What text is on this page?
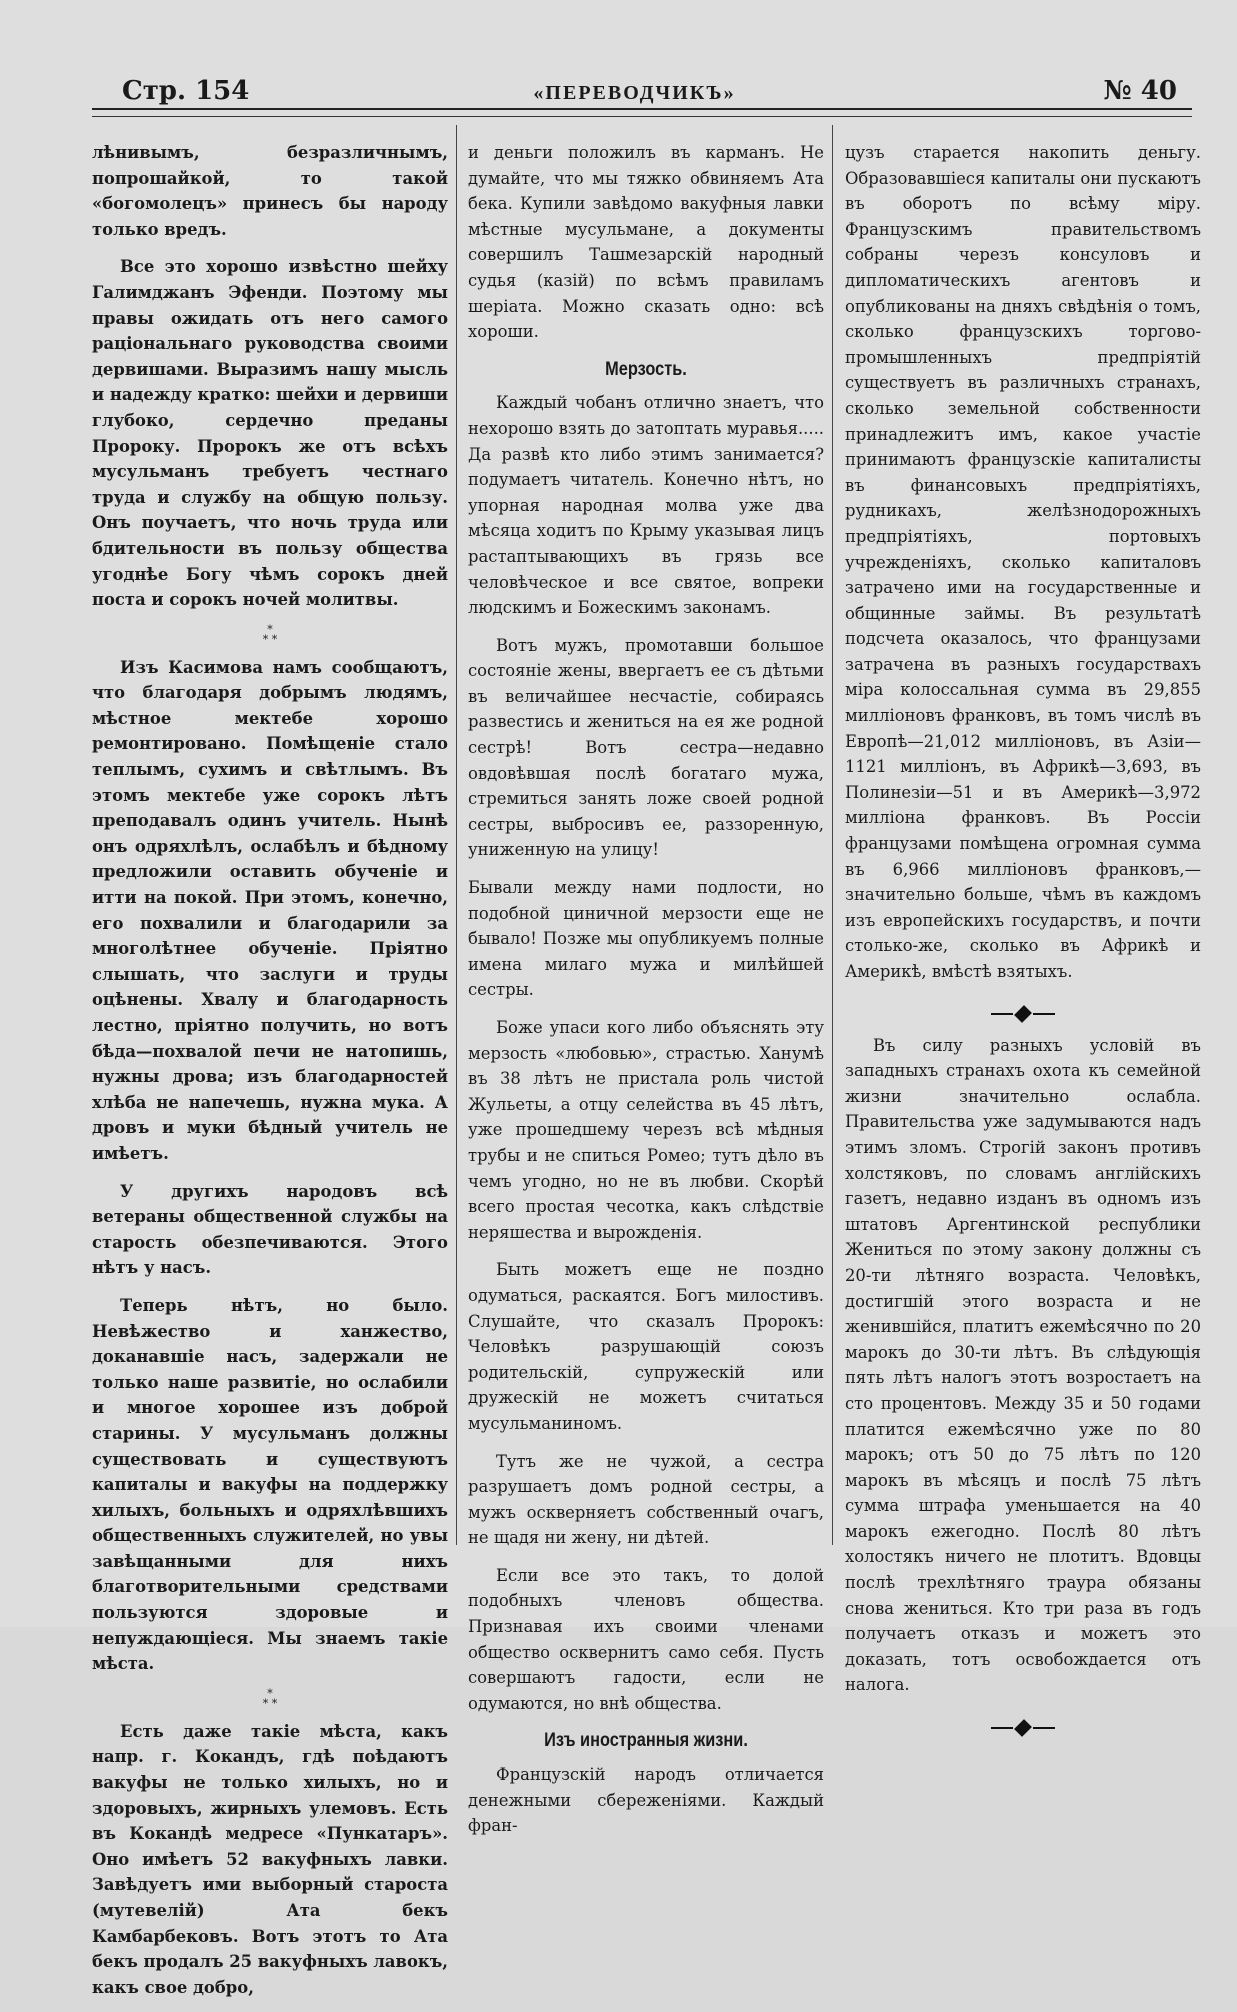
Стр. 154	«ПЕРЕВОДЧИКЪ»	№ 40

лѣнивымъ, безразличнымъ, попрошайкой, то такой «богомолецъ» принесъ бы народу только вредъ.

Все это хорошо извѣстно шейху Галимджанъ Эфенди. Поэтому мы правы ожидать отъ него самого раціональнаго руководства своими дервишами. Выразимъ нашу мысль и надежду кратко: шейхи и дервиши глубоко, сердечно преданы Пророку. Пророкъ же отъ всѣхъ мусульманъ требуетъ честнаго труда и службу на общую пользу. Онъ поучаетъ, что ночь труда или бдительности въ пользу общества угоднѣе Богу чѣмъ сорокъ дней поста и сорокъ ночей молитвы.

*
* *

Изъ Касимова намъ сообщаютъ, что благодаря добрымъ людямъ, мѣстное мектебе хорошо ремонтировано. Помѣщеніе стало теплымъ, сухимъ и свѣтлымъ. Въ этомъ мектебе уже сорокъ лѣтъ преподавалъ одинъ учитель. Нынѣ онъ одряхлѣлъ, ослабѣлъ и бѣдному предложили оставить обученіе и итти на покой. При этомъ, конечно, его похвалили и благодарили за многолѣтнее обученіе. Пріятно слышать, что заслуги и труды оцѣнены. Хвалу и благодарность лестно, пріятно получить, но вотъ бѣда—похвалой печи не натопишь, нужны дрова; изъ благодарностей хлѣба не напечешь, нужна мука. А дровъ и муки бѣдный учитель не имѣетъ.

У другихъ народовъ всѣ ветераны общественной службы на старость обезпечиваются. Этого нѣтъ у насъ.

Теперь нѣтъ, но было. Невѣжество и ханжество, доканавшіе насъ, задержали не только наше развитіе, но ослабили и многое хорошее изъ доброй старины. У мусульманъ должны существовать и существуютъ капиталы и вакуфы на поддержку хилыхъ, больныхъ и одряхлѣвшихъ общественныхъ служителей, но увы завѣщанными для нихъ благотворительными средствами пользуются здоровые и непуждающіеся. Мы знаемъ такіе мѣста.

*
* *

Есть даже такіе мѣста, какъ напр. г. Кокандъ, гдѣ поѣдаютъ вакуфы не только хилыхъ, но и здоровыхъ, жирныхъ улемовъ. Есть въ Кокандѣ медресе «Пункатаръ». Оно имѣетъ 52 вакуфныхъ лавки. Завѣдуетъ ими выборный староста (мутевелій) Ата бекъ Камбарбековъ. Вотъ этотъ то Ата бекъ продалъ 25 вакуфныхъ лавокъ, какъ свое добро,

и деньги положилъ въ карманъ. Не думайте, что мы тяжко обвиняемъ Ата бека. Купили завѣдомо вакуфныя лавки мѣстные мусульмане, а документы совершилъ Ташмезарскій народный судья (казій) по всѣмъ правиламъ шеріата. Можно сказать одно: всѣ хороши.

Мерзость.

Каждый чобанъ отлично знаетъ, что нехорошо взять до затоптать муравья..... Да развѣ кто либо этимъ занимается? подумаетъ читатель. Конечно нѣтъ, но упорная народная молва уже два мѣсяца ходитъ по Крыму указывая лицъ растаптывающихъ въ грязь все человѣческое и все святое, вопреки людскимъ и Божескимъ законамъ.

Вотъ мужъ, промотавши большое состояніе жены, ввергаетъ ее съ дѣтьми въ величайшее несчастіе, собираясь развестись и жениться на ея же родной сестрѣ! Вотъ сестра—недавно овдовѣвшая послѣ богатаго мужа, стремиться занять ложе своей родной сестры, выбросивъ ее, раззоренную, униженную на улицу!

Бывали между нами подлости, но подобной циничной мерзости еще не бывало! Позже мы опубликуемъ полные имена милаго мужа и милѣйшей сестры.

Боже упаси кого либо объяснять эту мерзость «любовью», страстью. Ханумѣ въ 38 лѣтъ не пристала роль чистой Жульеты, а отцу селейства въ 45 лѣтъ, уже прошедшему черезъ всѣ мѣдныя трубы и не спиться Ромео; тутъ дѣло въ чемъ угодно, но не въ любви. Скорѣй всего простая чесотка, какъ слѣдствіе неряшества и вырожденія.

Быть можетъ еще не поздно одуматься, раскаятся. Богъ милостивъ. Слушайте, что сказалъ Пророкъ: Человѣкъ разрушающій союзъ родительскій, супружескій или дружескій не можетъ считаться мусульманиномъ.

Тутъ же не чужой, а сестра разрушаетъ домъ родной сестры, а мужъ оскверняетъ собственный очагъ, не щадя ни жену, ни дѣтей.

Если все это такъ, то долой подобныхъ членовъ общества. Признавая ихъ своими членами общество осквернитъ само себя. Пусть совершаютъ гадости, если не одумаются, но внѣ общества.

Изъ иностранныя жизни.

Французскій народъ отличается денежными сбереженіями. Каждый фран-

цузъ старается накопить деньгу. Образовавшіеся капиталы они пускаютъ въ оборотъ по всѣму міру. Французскимъ правительствомъ собраны черезъ консуловъ и дипломатическихъ агентовъ и опубликованы на дняхъ свѣдѣнія о томъ, сколько французскихъ торгово-промышленныхъ предпріятій существуетъ въ различныхъ странахъ, сколько земельной собственности принадлежитъ имъ, какое участіе принимаютъ французскіе капиталисты въ финансовыхъ предпріятіяхъ, рудникахъ, желѣзнодорожныхъ предпріятіяхъ, портовыхъ учрежденіяхъ, сколько капиталовъ затрачено ими на государственные и общинные займы. Въ результатѣ подсчета оказалось, что французами затрачена въ разныхъ государствахъ міра колоссальная сумма въ 29,855 милліоновъ франковъ, въ томъ числѣ въ Европѣ—21,012 милліоновъ, въ Азіи—1121 милліонъ, въ Африкѣ—3,693, въ Полинезіи—51 и въ Америкѣ—3,972 милліона франковъ. Въ Россіи французами помѣщена огромная сумма въ 6,966 милліоновъ франковъ,—значительно больше, чѣмъ въ каждомъ изъ европейскихъ государствъ, и почти столько-же, сколько въ Африкѣ и Америкѣ, вмѣстѣ взятыхъ.

Въ силу разныхъ условій въ западныхъ странахъ охота къ семейной жизни значительно ослабла. Правительства уже задумываются надъ этимъ зломъ. Строгій законъ противъ холстяковъ, по словамъ англійскихъ газетъ, недавно изданъ въ одномъ изъ штатовъ Аргентинской республики Жениться по этому закону должны съ 20-ти лѣтняго возраста. Человѣкъ, достигшій этого возраста и не женившійся, платитъ ежемѣсячно по 20 марокъ до 30-ти лѣтъ. Въ слѣдующія пять лѣтъ налогъ этотъ возростаетъ на сто процентовъ. Между 35 и 50 годами платится ежемѣсячно уже по 80 марокъ; отъ 50 до 75 лѣтъ по 120 марокъ въ мѣсяцъ и послѣ 75 лѣтъ сумма штрафа уменьшается на 40 марокъ ежегодно. Послѣ 80 лѣтъ холостякъ ничего не плотитъ. Вдовцы послѣ трехлѣтняго траура обязаны снова жениться. Кто три раза въ годъ получаетъ отказъ и можетъ это доказать, тотъ освобождается отъ налога.
